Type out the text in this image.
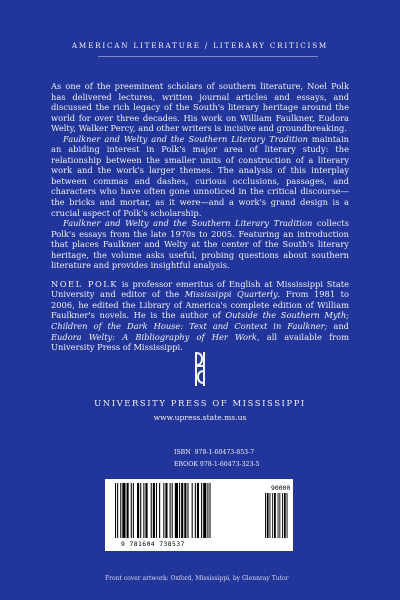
AMERICAN LITERATURE / LITERARY CRITICISM

As one of the preeminent scholars of southern literature, Noel Polk has delivered lectures, written journal articles and essays, and discussed the rich legacy of the South's literary heritage around the world for over three decades. His work on William Faulkner, Eudora Welty, Walker Percy, and other writers is incisive and groundbreaking.

Faulkner and Welty and the Southern Literary Tradition maintain an abiding interest in Polk's major area of literary study: the relationship between the smaller units of construction of a literary work and the work's larger themes. The analysis of this interplay between commas and dashes, curious occlusions, passages, and characters who have often gone unnoticed in the critical discourse—the bricks and mortar, as it were—and a work's grand design is a crucial aspect of Polk's scholarship.

Faulkner and Welty and the Southern Literary Tradition collects Polk's essays from the late 1970s to 2005. Featuring an introduction that places Faulkner and Welty at the center of the South's literary heritage, the volume asks useful, probing questions about southern literature and provides insightful analysis.

NOEL POLK is professor emeritus of English at Mississippi State University and editor of the Mississippi Quarterly. From 1981 to 2006, he edited the Library of America's complete edition of William Faulkner's novels. He is the author of Outside the Southern Myth; Children of the Dark House: Text and Context in Faulkner; and Eudora Welty: A Bibliography of Her Work, all available from University Press of Mississippi.

UNIVERSITY PRESS OF MISSISSIPPI
www.upress.state.ms.us
ISBN 978-1-60473-853-7
EBOOK 978-1-60473-323-5
9 781604 738537
90000
Front cover artwork: Oxford, Mississippi, by Glennray Tutor
